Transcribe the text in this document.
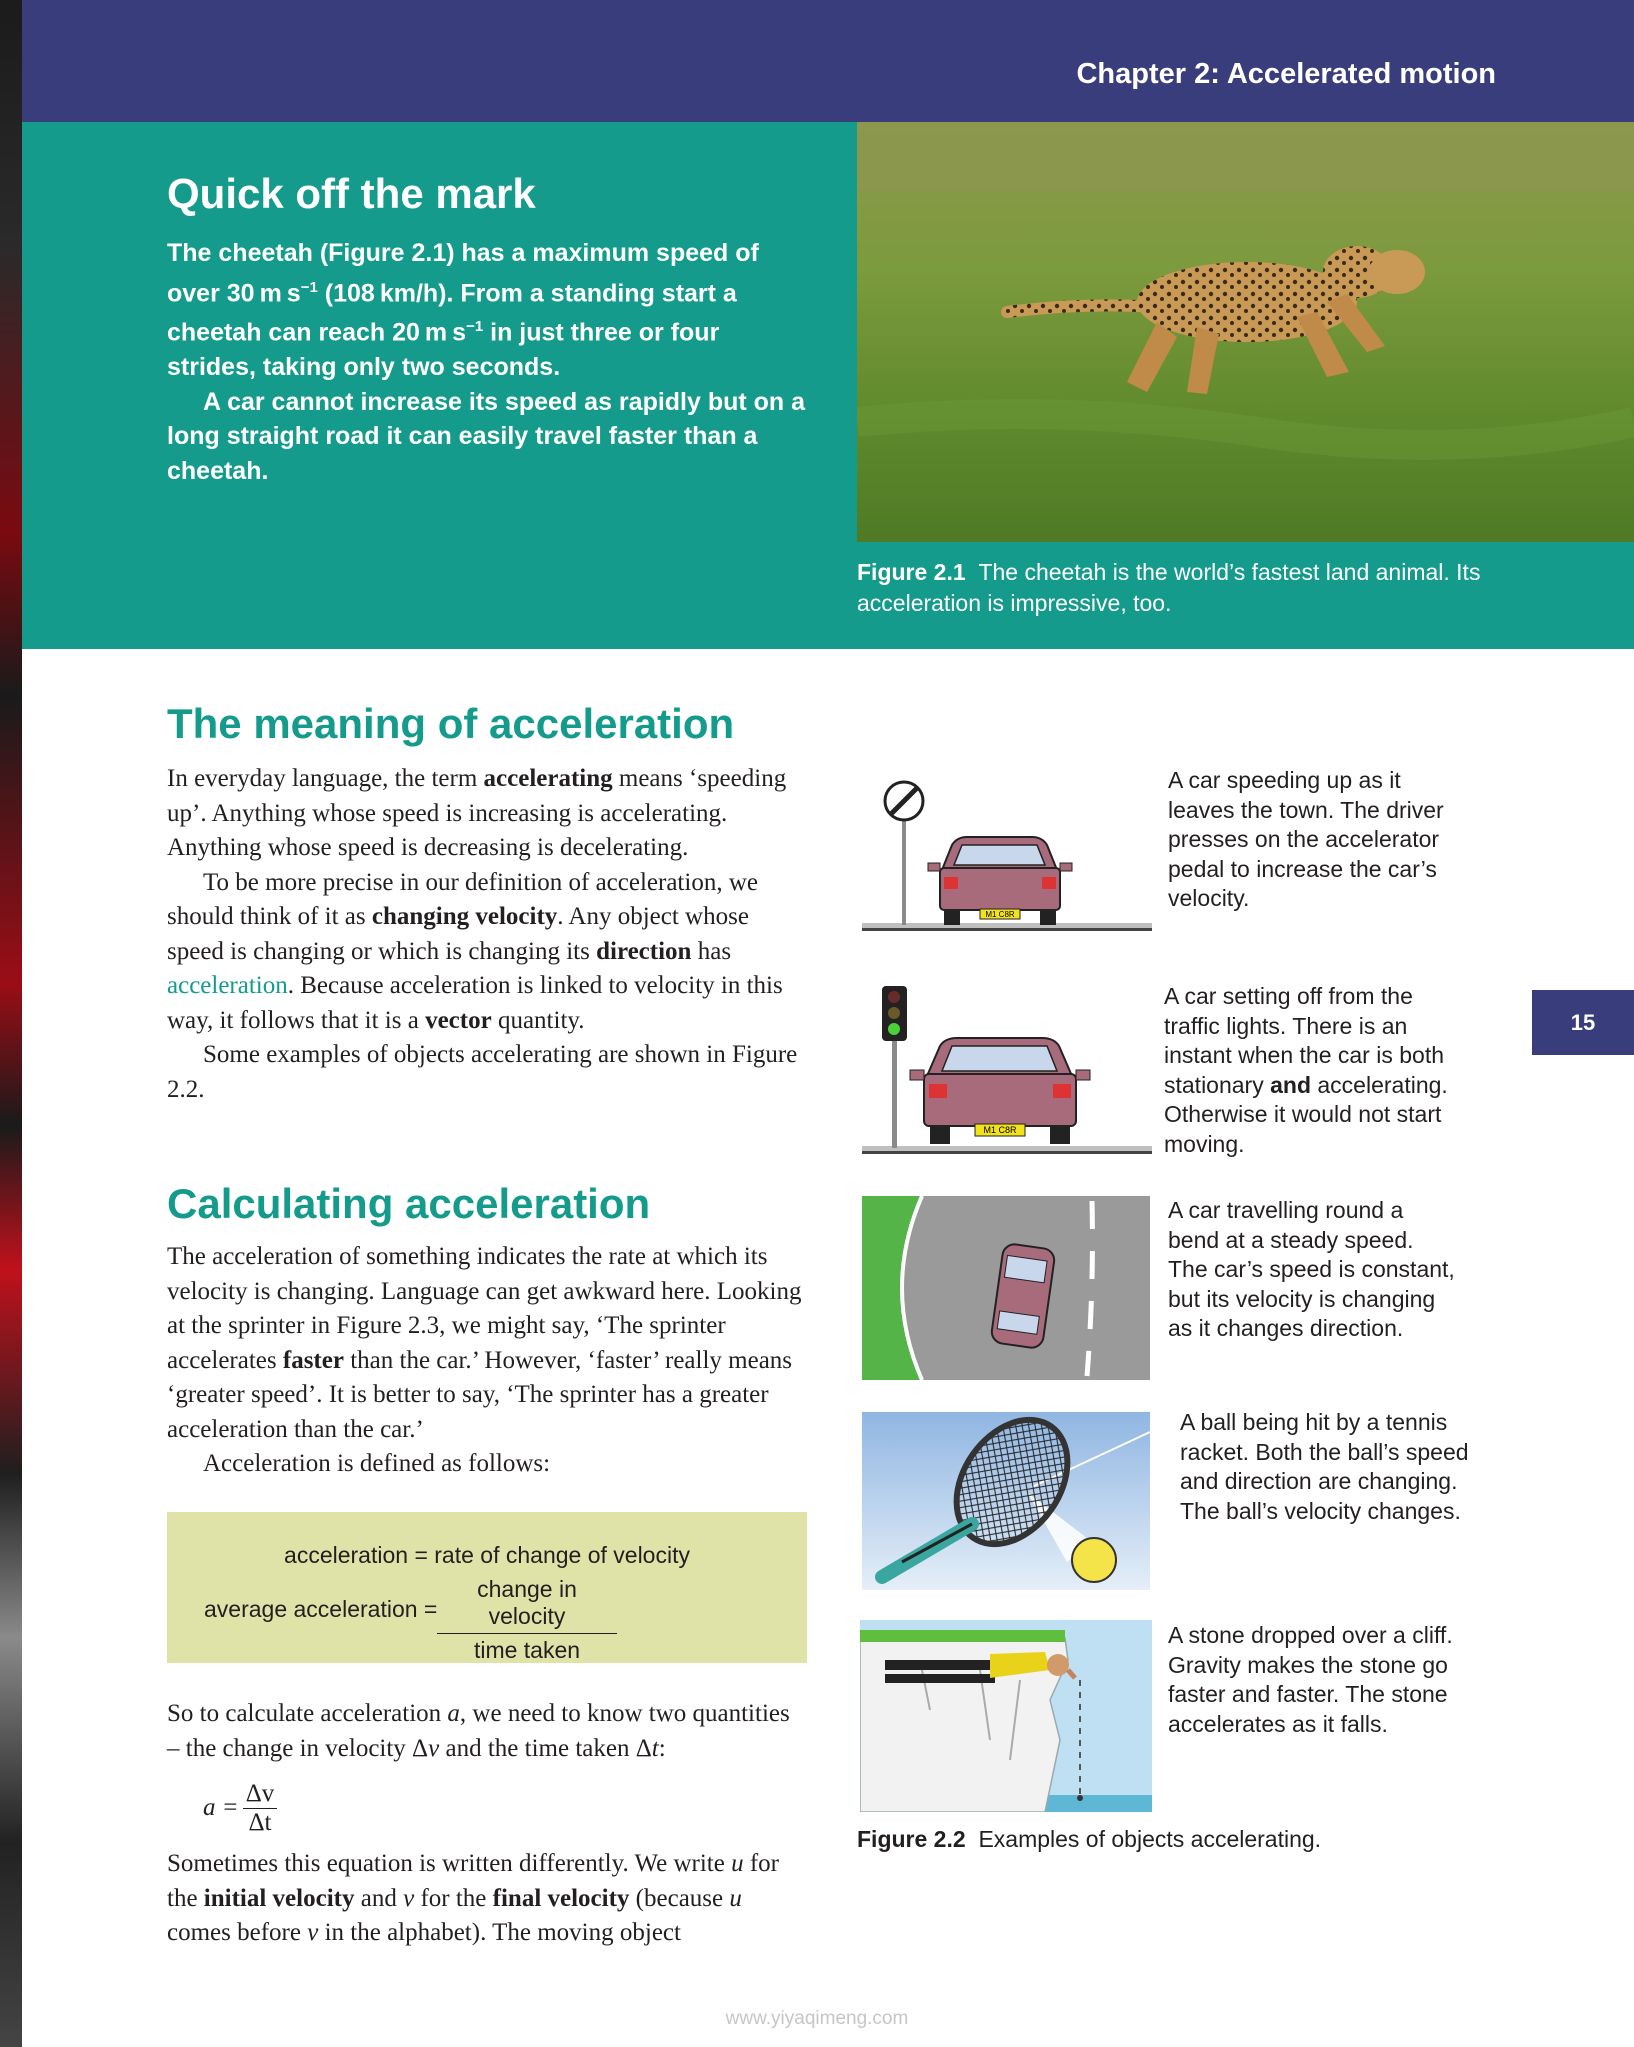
Chapter 2: Accelerated motion
Quick off the mark

The cheetah (Figure 2.1) has a maximum speed of over 30 m $s^{-1}$ (108 km/h). From a standing start a cheetah can reach 20 m $s^{-1}$ in just three or four strides, taking only two seconds.

A car cannot increase its speed as rapidly but on a long straight road it can easily travel faster than a cheetah.

Figure 2.1 The cheetah is the world’s fastest land animal. Its acceleration is impressive, too.
The meaning of acceleration

In everyday language, the term accelerating means ‘speeding up’. Anything whose speed is increasing is accelerating. Anything whose speed is decreasing is decelerating.

To be more precise in our definition of acceleration, we should think of it as changing velocity. Any object whose speed is changing or which is changing its direction has acceleration. Because acceleration is linked to velocity in this way, it follows that it is a vector quantity.

Some examples of objects accelerating are shown in Figure 2.2.

Calculating acceleration

The acceleration of something indicates the rate at which its velocity is changing. Language can get awkward here. Looking at the sprinter in Figure 2.3, we might say, ‘The sprinter accelerates faster than the car.’ However, ‘faster’ really means ‘greater speed’. It is better to say, ‘The sprinter has a greater acceleration than the car.’

Acceleration is defined as follows:

acceleration = rate of change of velocity
average acceleration =
change in velocity
time taken

So to calculate acceleration a, we need to know two quantities – the change in velocity Δv and the time taken Δt:

a =
Δv
Δt

Sometimes this equation is written differently. We write u for the initial velocity and v for the final velocity (because u comes before v in the alphabet). The moving object

M1 C8R
A car speeding up as it leaves the town. The driver presses on the accelerator pedal to increase the car’s velocity.
M1 C8R
A car setting off from the traffic lights. There is an instant when the car is both stationary and accelerating. Otherwise it would not start moving.
A car travelling round a bend at a steady speed. The car’s speed is constant, but its velocity is changing as it changes direction.
A ball being hit by a tennis racket. Both the ball’s speed and direction are changing. The ball’s velocity changes.
A stone dropped over a cliff. Gravity makes the stone go faster and faster. The stone accelerates as it falls.
Figure 2.2 Examples of objects accelerating.
15
www.yiyaqimeng.com
